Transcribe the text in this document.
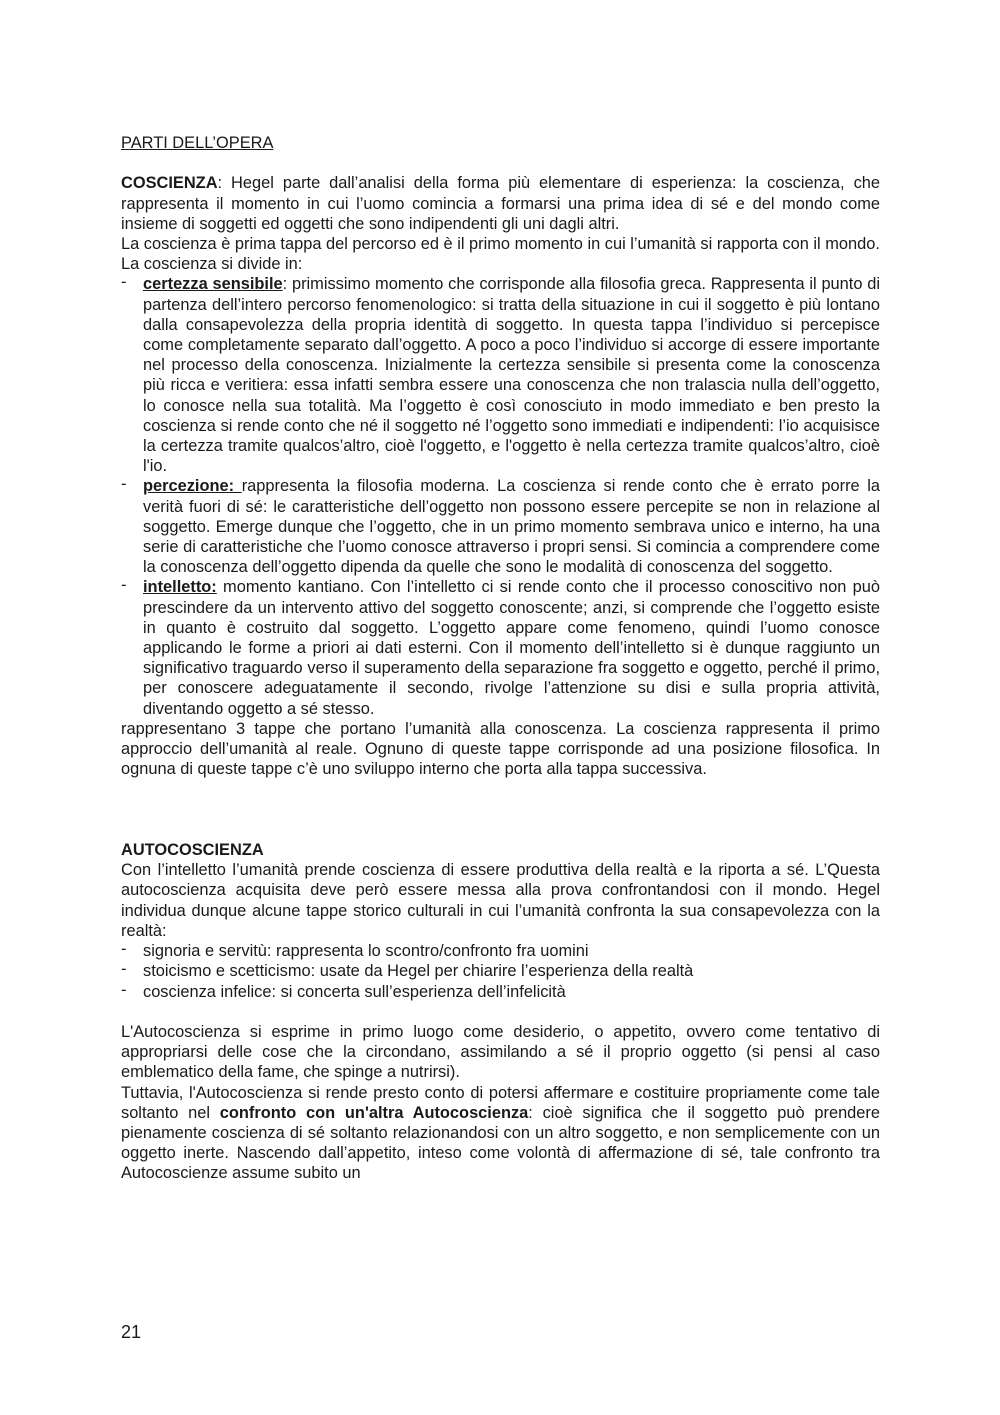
PARTI DELL’OPERA

COSCIENZA: Hegel parte dall’analisi della forma più elementare di esperienza: la coscienza, che rappresenta il momento in cui l’uomo comincia a formarsi una prima idea di sé e del mondo come insieme di soggetti ed oggetti che sono indipendenti gli uni dagli altri.

La coscienza è prima tappa del percorso ed è il primo momento in cui l’umanità si rapporta con il mondo.

La coscienza si divide in:

- certezza sensibile: primissimo momento che corrisponde alla filosofia greca. Rappresenta il punto di partenza dell’intero percorso fenomenologico: si tratta della situazione in cui il soggetto è più lontano dalla consapevolezza della propria identità di soggetto. In questa tappa l’individuo si percepisce come completamente separato dall’oggetto. A poco a poco l’individuo si accorge di essere importante nel processo della conoscenza. Inizialmente la certezza sensibile si presenta come la conoscenza più ricca e veritiera: essa infatti sembra essere una conoscenza che non tralascia nulla dell’oggetto, lo conosce nella sua totalità. Ma l’oggetto è così conosciuto in modo immediato e ben presto la coscienza si rende conto che né il soggetto né l’oggetto sono immediati e indipendenti: l’io acquisisce la certezza tramite qualcos’altro, cioè l'oggetto, e l'oggetto è nella certezza tramite qualcos’altro, cioè l'io.
- percezione: rappresenta la filosofia moderna. La coscienza si rende conto che è errato porre la verità fuori di sé: le caratteristiche dell’oggetto non possono essere percepite se non in relazione al soggetto. Emerge dunque che l’oggetto, che in un primo momento sembrava unico e interno, ha una serie di caratteristiche che l’uomo conosce attraverso i propri sensi. Si comincia a comprendere come la conoscenza dell’oggetto dipenda da quelle che sono le modalità di conoscenza del soggetto.
- intelletto: momento kantiano. Con l’intelletto ci si rende conto che il processo conoscitivo non può prescindere da un intervento attivo del soggetto conoscente; anzi, si comprende che l’oggetto esiste in quanto è costruito dal soggetto. L’oggetto appare come fenomeno, quindi l’uomo conosce applicando le forme a priori ai dati esterni. Con il momento dell’intelletto si è dunque raggiunto un significativo traguardo verso il superamento della separazione fra soggetto e oggetto, perché il primo, per conoscere adeguatamente il secondo, rivolge l’attenzione su disi e sulla propria attività, diventando oggetto a sé stesso.

rappresentano 3 tappe che portano l’umanità alla conoscenza. La coscienza rappresenta il primo approccio dell’umanità al reale. Ognuno di queste tappe corrisponde ad una posizione filosofica. In ognuna di queste tappe c’è uno sviluppo interno che porta alla tappa successiva.

AUTOCOSCIENZA

Con l’intelletto l’umanità prende coscienza di essere produttiva della realtà e la riporta a sé. L’Questa autocoscienza acquisita deve però essere messa alla prova confrontandosi con il mondo. Hegel individua dunque alcune tappe storico culturali in cui l’umanità confronta la sua consapevolezza con la realtà:

- signoria e servitù: rappresenta lo scontro/confronto fra uomini
- stoicismo e scetticismo: usate da Hegel per chiarire l’esperienza della realtà
- coscienza infelice: si concerta sull’esperienza dell’infelicità

L'Autocoscienza si esprime in primo luogo come desiderio, o appetito, ovvero come tentativo di appropriarsi delle cose che la circondano, assimilando a sé il proprio oggetto (si pensi al caso emblematico della fame, che spinge a nutrirsi).

Tuttavia, l'Autocoscienza si rende presto conto di potersi affermare e costituire propriamente come tale soltanto nel confronto con un'altra Autocoscienza: cioè significa che il soggetto può prendere pienamente coscienza di sé soltanto relazionandosi con un altro soggetto, e non semplicemente con un oggetto inerte. Nascendo dall’appetito, inteso come volontà di affermazione di sé, tale confronto tra Autocoscienze assume subito un

21
